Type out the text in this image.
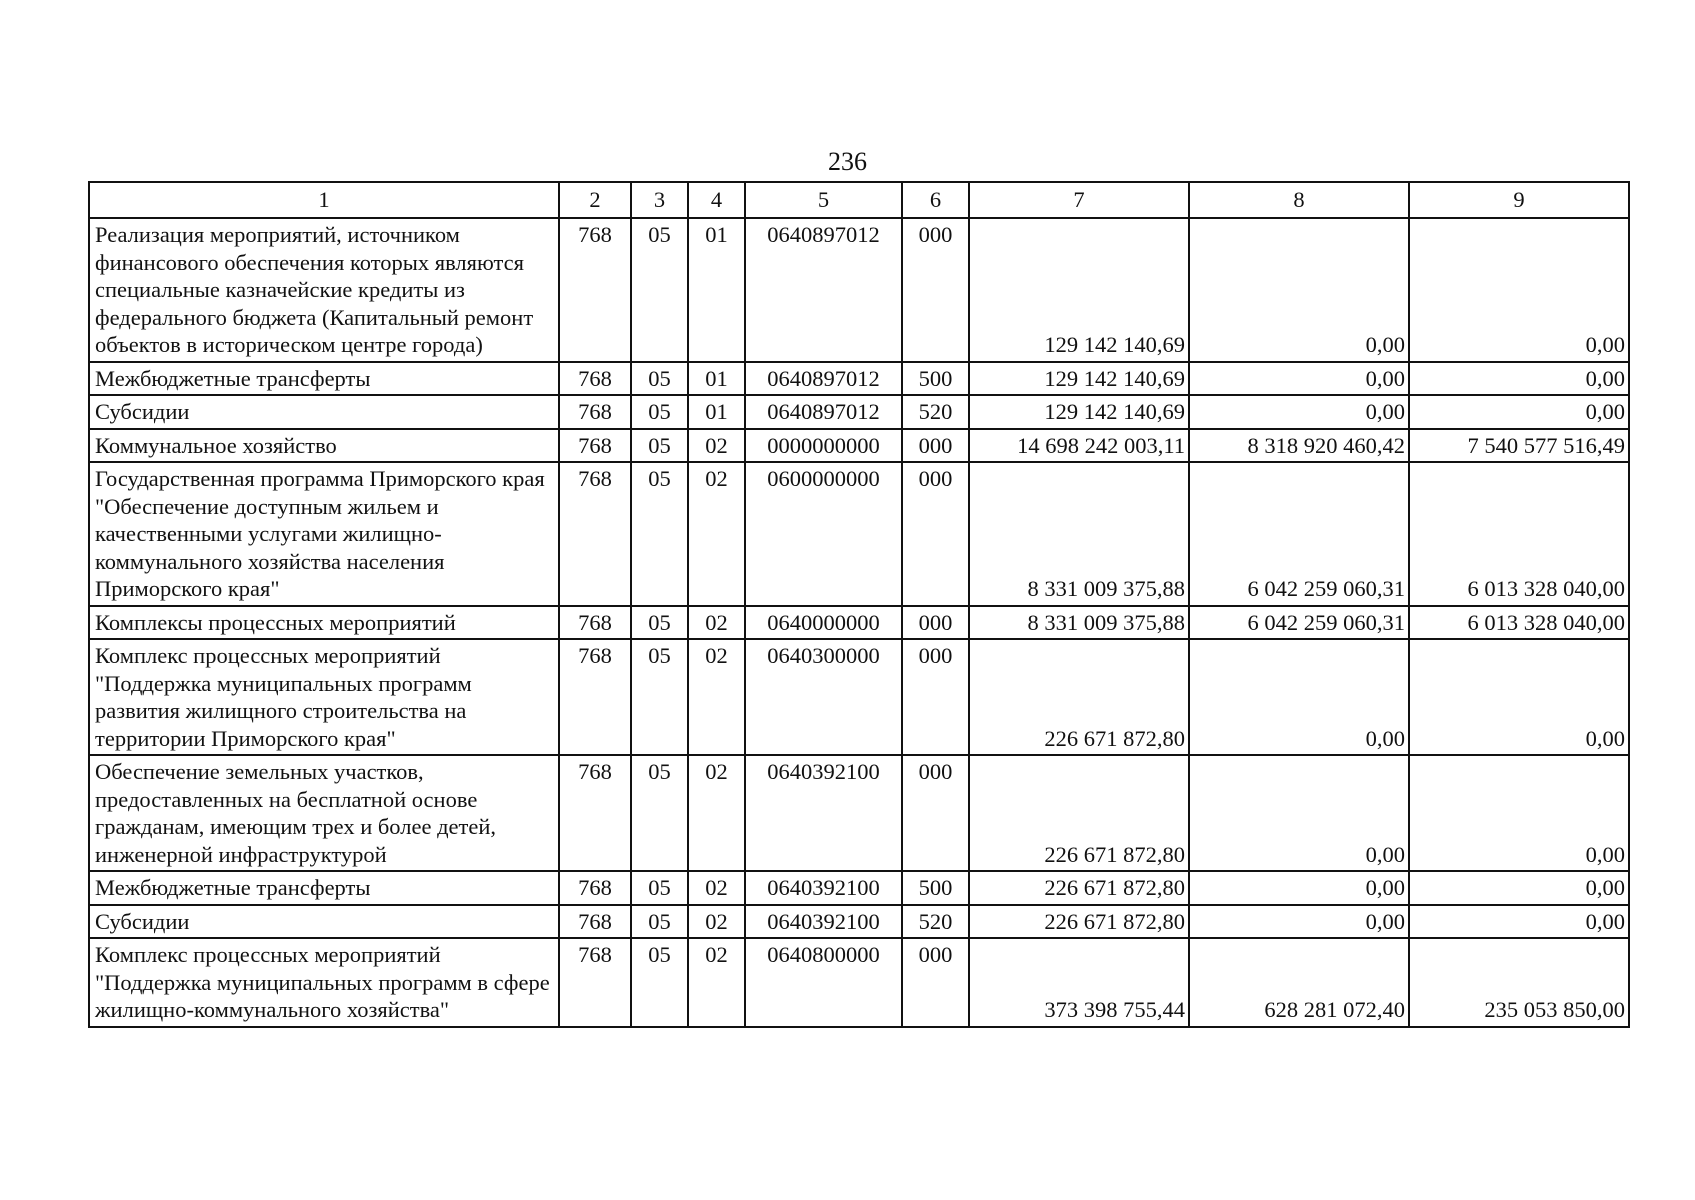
236
1	2	3	4	5	6	7	8	9
Реализация мероприятий, источником финансового обеспечения которых являются специальные казначейские кредиты из федерального бюджета (Капитальный ремонт объектов в историческом центре города)	768	05	01	0640897012	000	129 142 140,69	0,00	0,00
Межбюджетные трансферты	768	05	01	0640897012	500	129 142 140,69	0,00	0,00
Субсидии	768	05	01	0640897012	520	129 142 140,69	0,00	0,00
Коммунальное хозяйство	768	05	02	0000000000	000	14 698 242 003,11	8 318 920 460,42	7 540 577 516,49
Государственная программа Приморского края "Обеспечение доступным жильем и качественными услугами жилищно-коммунального хозяйства населения Приморского края"	768	05	02	0600000000	000	8 331 009 375,88	6 042 259 060,31	6 013 328 040,00
Комплексы процессных мероприятий	768	05	02	0640000000	000	8 331 009 375,88	6 042 259 060,31	6 013 328 040,00
Комплекс процессных мероприятий "Поддержка муниципальных программ развития жилищного строительства на территории Приморского края"	768	05	02	0640300000	000	226 671 872,80	0,00	0,00
Обеспечение земельных участков, предоставленных на бесплатной основе гражданам, имеющим трех и более детей, инженерной инфраструктурой	768	05	02	0640392100	000	226 671 872,80	0,00	0,00
Межбюджетные трансферты	768	05	02	0640392100	500	226 671 872,80	0,00	0,00
Субсидии	768	05	02	0640392100	520	226 671 872,80	0,00	0,00
Комплекс процессных мероприятий "Поддержка муниципальных программ в сфере жилищно-коммунального хозяйства"	768	05	02	0640800000	000	373 398 755,44	628 281 072,40	235 053 850,00
